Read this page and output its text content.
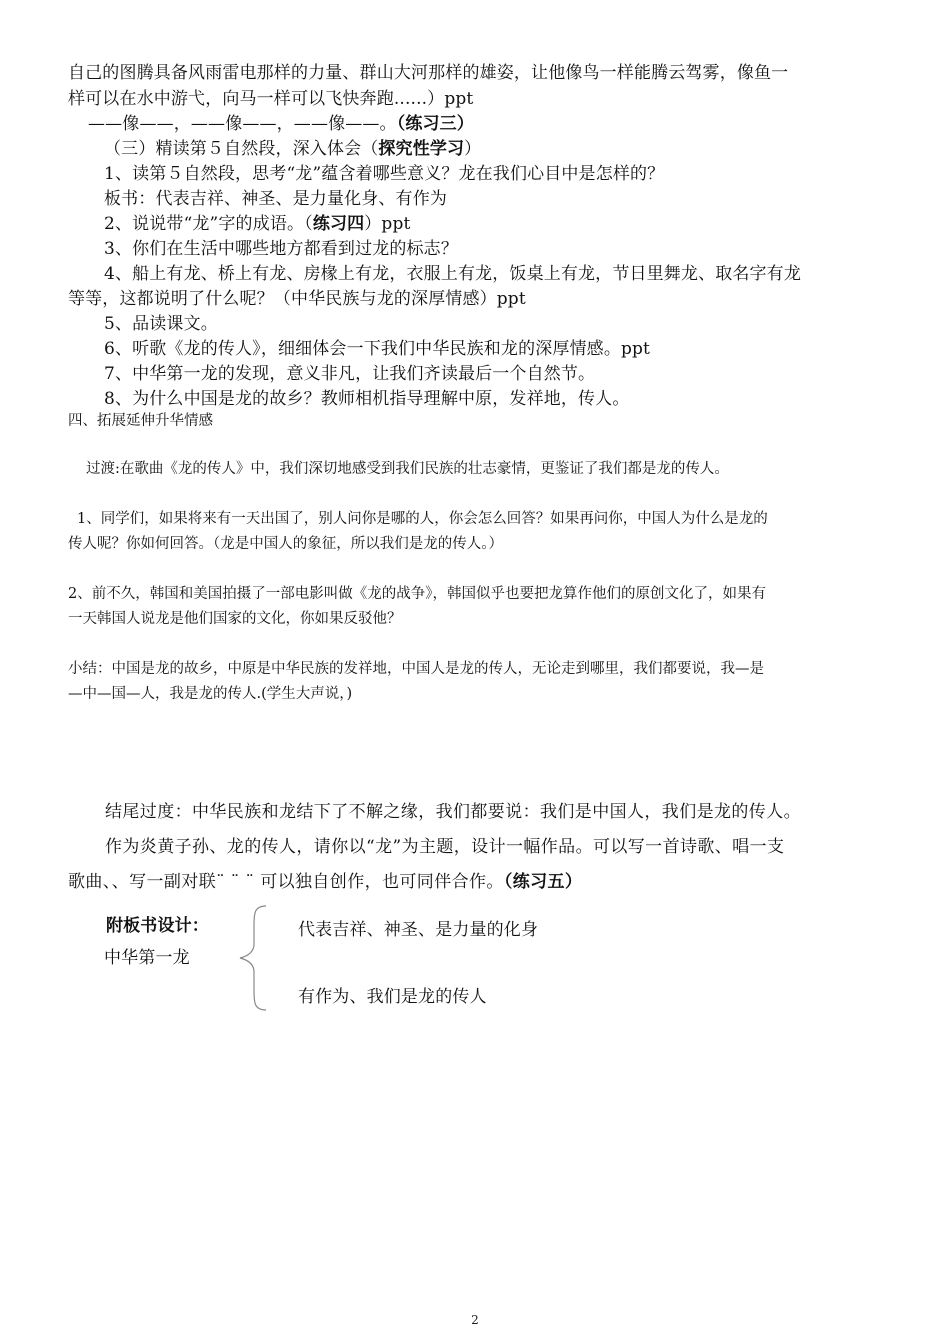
自己的图腾具备风雨雷电那样的力量、群山大河那样的雄姿，让他像鸟一样能腾云驾雾，像鱼一
样可以在水中游弋，向马一样可以飞快奔跑......）ppt
——像——，——像——，——像——。（练习三）
（三）精读第５自然段，深入体会（探究性学习）
1、读第５自然段，思考“龙”蕴含着哪些意义？龙在我们心目中是怎样的？
板书：代表吉祥、神圣、是力量化身、有作为
2、说说带“龙”字的成语。（练习四）ppt
3、你们在生活中哪些地方都看到过龙的标志？
4、船上有龙、桥上有龙、房椽上有龙，衣服上有龙，饭桌上有龙，节日里舞龙、取名字有龙
等等，这都说明了什么呢？（中华民族与龙的深厚情感）ppt
5、品读课文。
6、听歌《龙的传人》，细细体会一下我们中华民族和龙的深厚情感。ppt
7、中华第一龙的发现，意义非凡，让我们齐读最后一个自然节。
8、为什么中国是龙的故乡？教师相机指导理解中原，发祥地，传人。
四、拓展延伸升华情感
过渡:在歌曲《龙的传人》中，我们深切地感受到我们民族的壮志豪情，更鉴证了我们都是龙的传人。
1、同学们，如果将来有一天出国了，别人问你是哪的人，你会怎么回答？如果再问你，中国人为什么是龙的
传人呢？你如何回答。（龙是中国人的象征，所以我们是龙的传人。）
2、前不久，韩国和美国拍摄了一部电影叫做《龙的战争》，韩国似乎也要把龙算作他们的原创文化了，如果有
一天韩国人说龙是他们国家的文化，你如果反驳他？
小结：中国是龙的故乡，中原是中华民族的发祥地，中国人是龙的传人，无论走到哪里，我们都要说，我—是
—中—国—人，我是龙的传人.(学生大声说，)
结尾过度：中华民族和龙结下了不解之缘，我们都要说：我们是中国人，我们是龙的传人。
作为炎黄子孙、龙的传人，请你以“龙”为主题，设计一幅作品。可以写一首诗歌、唱一支
歌曲、、写一副对联¨ ¨ ¨ 可以独自创作，也可同伴合作。（练习五）
附板书设计：
中华第一龙
代表吉祥、神圣、是力量的化身
有作为、我们是龙的传人
2
